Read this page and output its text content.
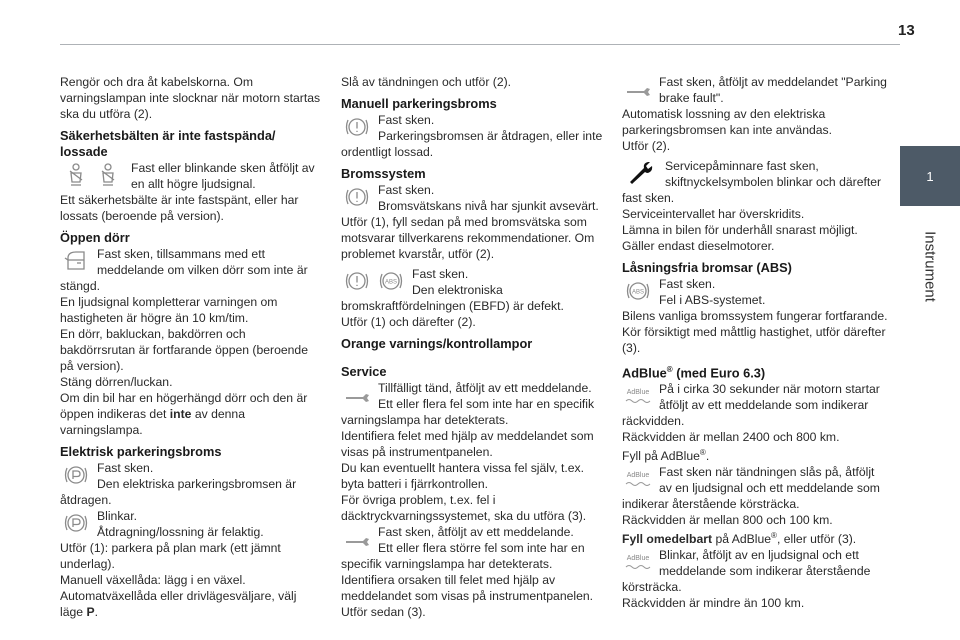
13
1
Instrument

Rengör och dra åt kabelskorna. Om varningslampan inte slocknar när motorn startas ska du utföra (2).

Säkerhetsbälten är inte fastspända/ lossade

Fast eller blinkande sken åtföljt av en allt högre ljudsignal.

Ett säkerhetsbälte är inte fastspänt, eller har lossats (beroende på version).

Öppen dörr

Fast sken, tillsammans med ett meddelande om vilken dörr som inte är stängd.

En ljudsignal kompletterar varningen om hastigheten är högre än 10 km/tim.

En dörr, bakluckan, bakdörren och bakdörrsrutan är fortfarande öppen (beroende på version).

Stäng dörren/luckan.

Om din bil har en högerhängd dörr och den är öppen indikeras det inte av denna varningslampa.

Elektrisk parkeringsbroms

Fast sken.

Den elektriska parkeringsbromsen är åtdragen.

Blinkar.

Åtdragning/lossning är felaktig.

Utför (1): parkera på plan mark (ett jämnt underlag).

Manuell växellåda: lägg i en växel.

Automatväxellåda eller drivlägesväljare, välj läge P.

Slå av tändningen och utför (2).

Manuell parkeringsbroms

Fast sken.

Parkeringsbromsen är åtdragen, eller inte ordentligt lossad.

Bromssystem

Fast sken.

Bromsvätskans nivå har sjunkit avsevärt.

Utför (1), fyll sedan på med bromsvätska som motsvarar tillverkarens rekommendationer. Om problemet kvarstår, utför (2).

ABS

Fast sken.

Den elektroniska bromskraftfördelningen (EBFD) är defekt.

Utför (1) och därefter (2).

Orange varnings/kontrollampor

Service

Tillfälligt tänd, åtföljt av ett meddelande.

Ett eller flera fel som inte har en specifik varningslampa har detekterats.

Identifiera felet med hjälp av meddelandet som visas på instrumentpanelen.

Du kan eventuellt hantera vissa fel själv, t.ex. byta batteri i fjärrkontrollen.

För övriga problem, t.ex. fel i däcktryckvarningssystemet, ska du utföra (3).

Fast sken, åtföljt av ett meddelande.

Ett eller flera större fel som inte har en specifik varningslampa har detekterats.

Identifiera orsaken till felet med hjälp av meddelandet som visas på instrumentpanelen.

Utför sedan (3).

Fast sken, åtföljt av meddelandet "Parking brake fault".

Automatisk lossning av den elektriska parkeringsbromsen kan inte användas.

Utför (2).

Servicepåminnare fast sken, skiftnyckelsymbolen blinkar och därefter fast sken.

Serviceintervallet har överskridits.

Lämna in bilen för underhåll snarast möjligt.

Gäller endast dieselmotorer.

Låsningsfria bromsar (ABS)

ABS

Fast sken.

Fel i ABS-systemet.

Bilens vanliga bromssystem fungerar fortfarande. Kör försiktigt med måttlig hastighet, utför därefter (3).

AdBlue® (med Euro 6.3)

AdBlue På i cirka 30 sekunder när motorn startar åtföljt av ett meddelande som indikerar räckvidden.

Räckvidden är mellan 2400 och 800 km.

Fyll på AdBlue®.

AdBlue Fast sken när tändningen slås på, åtföljt av en ljudsignal och ett meddelande som indikerar återstående körsträcka.

Räckvidden är mellan 800 och 100 km.

Fyll omedelbart på AdBlue®, eller utför (3).

AdBlue Blinkar, åtföljt av en ljudsignal och ett meddelande som indikerar återstående körsträcka.

Räckvidden är mindre än 100 km.
